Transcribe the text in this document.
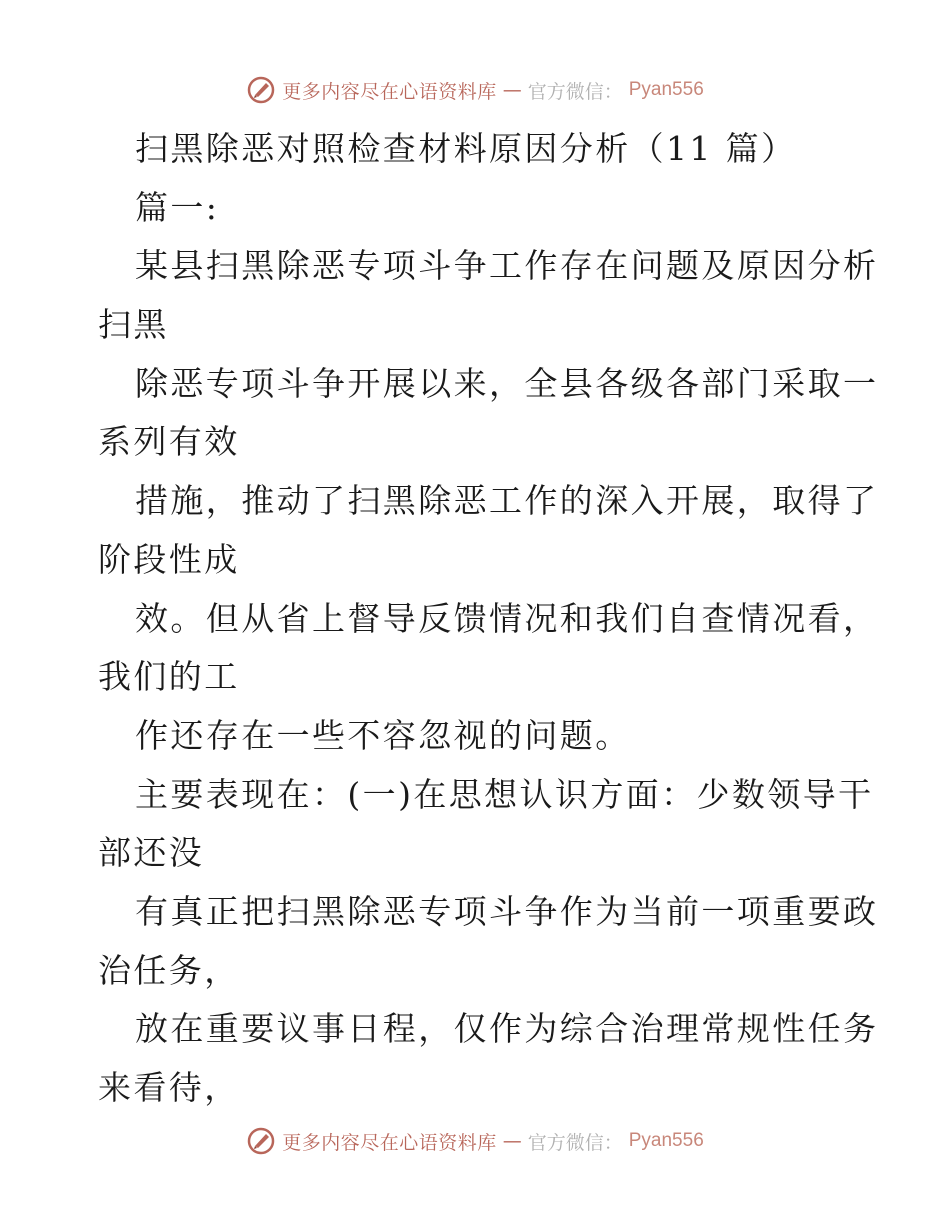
更多内容尽在心语资料库 — 官方微信： Pyan556
扫黑除恶对照检查材料原因分析（11 篇）
篇一:
某县扫黑除恶专项斗争工作存在问题及原因分析
扫黑
除恶专项斗争开展以来，全县各级各部门采取一
系列有效
措施，推动了扫黑除恶工作的深入开展，取得了
阶段性成
效。但从省上督导反馈情况和我们自查情况看，
我们的工
作还存在一些不容忽视的问题。
主要表现在：(一)在思想认识方面：少数领导干
部还没
有真正把扫黑除恶专项斗争作为当前一项重要政
治任务，
放在重要议事日程，仅作为综合治理常规性任务
来看待，
更多内容尽在心语资料库 — 官方微信： Pyan556
